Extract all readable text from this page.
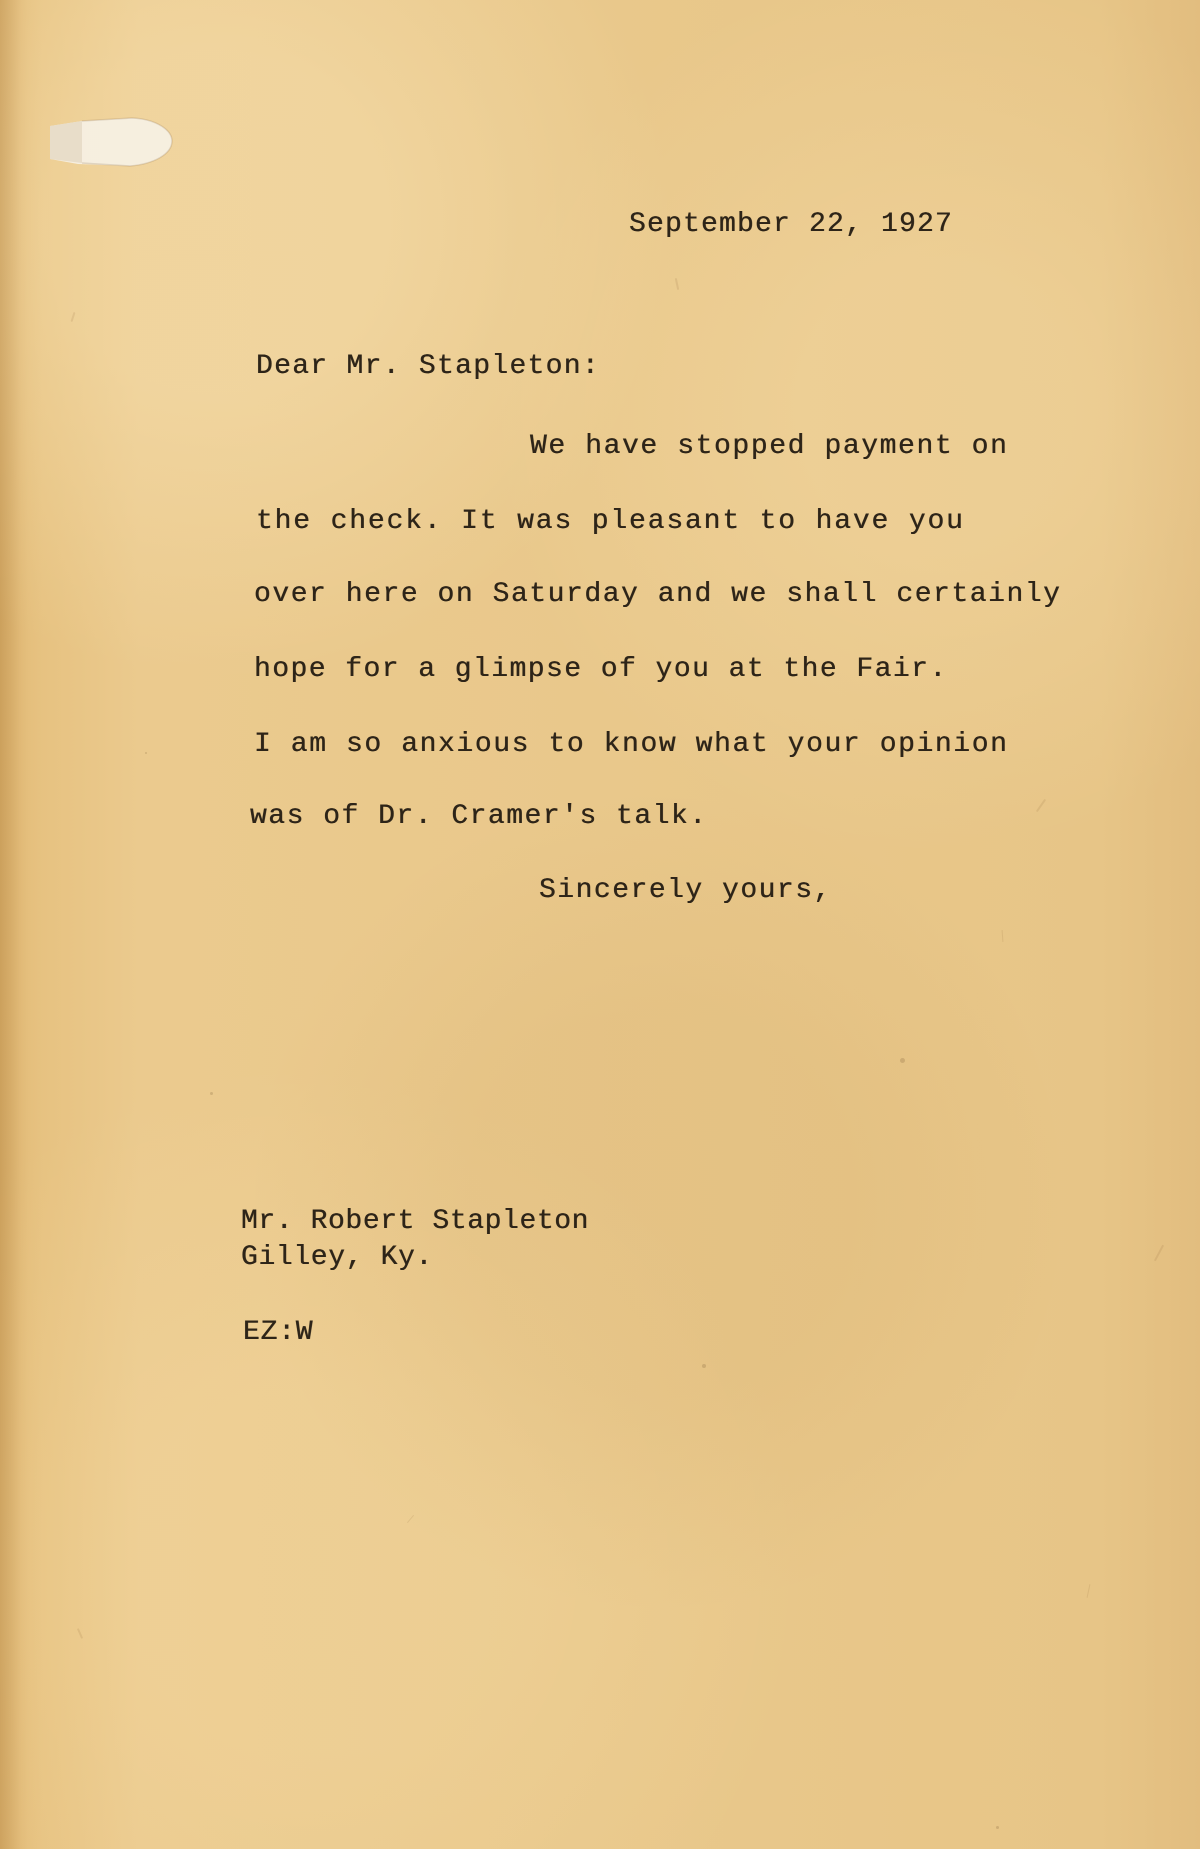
September 22, 1927
Dear Mr. Stapleton:
We have stopped payment on
the check. It was pleasant to have you
over here on Saturday and we shall certainly
hope for a glimpse of you at the Fair.
I am so anxious to know what your opinion
was of Dr. Cramer's talk.
Sincerely yours,
Mr. Robert Stapleton
Gilley, Ky.
EZ:W
